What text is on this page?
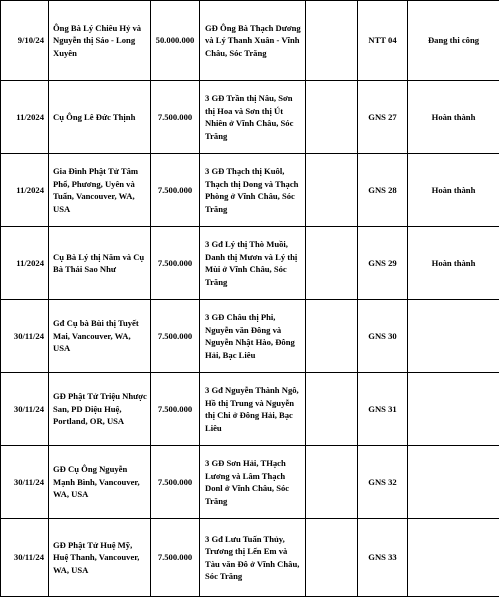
9/10/24	Ông Bà Lý Chiêu Hỷ và Nguyễn thị Sáo - Long Xuyên	50.000.000	GĐ Ông Bà Thạch Dương và Lý Thanh Xuân - Vĩnh Châu, Sóc Trăng		NTT 04	Đang thi công
11/2024	Cụ Ông Lê Đức Thịnh	7.500.000	3 GĐ Trần thị Nâu, Sơn thị Hoa và Sơn thị Út Nhiên ở Vĩnh Châu, Sóc Trăng		GNS 27	Hoàn thành
11/2024	Gia Đình Phật Tử Tâm Phổ, Phương, Uyên và Tuấn, Vancouver, WA, USA	7.500.000	3 GĐ Thạch thị Kuôl, Thạch thị Dong và Thạch Phòng ở Vĩnh Châu, Sóc Trăng		GNS 28	Hoàn thành
11/2024	Cụ Bà Lý thị Năm và Cụ Bà Thái Sao Như	7.500.000	3 Gđ Lý thị Thò Muồi, Danh thị Mươn và Lý thị Mùi ở Vĩnh Châu, Sóc Trăng		GNS 29	Hoàn thành
30/11/24	Gđ Cụ bà Bùi thị Tuyết Mai, Vancouver, WA, USA	7.500.000	3 GĐ Châu thị Phi, Nguyễn văn Đông và Nguyễn Nhật Hào, Đông Hải, Bạc Liêu		GNS 30	
30/11/24	GĐ Phật Tử Triệu Nhược San, PD Diệu Huệ, Portland, OR, USA	7.500.000	3 Gđ Nguyễn Thành Ngô, Hồ thị Trung và Nguyễn thị Chi ở Đông Hải, Bạc Liêu		GNS 31	
30/11/24	GĐ Cụ Ông Nguyễn Mạnh Bình, Vancouver, WA, USA	7.500.000	3 GĐ Sơn Hải, THạch Lương và Lâm Thạch Donl ở Vĩnh Châu, Sóc Trăng		GNS 32	
30/11/24	GĐ Phật Tử Huệ Mỹ, Huệ Thanh, Vancouver, WA, USA	7.500.000	3 Gđ Lưu Tuấn Thủy, Trương thị Lến Em và Tàu văn Đô ở Vĩnh Châu, Sóc Trăng		GNS 33	
